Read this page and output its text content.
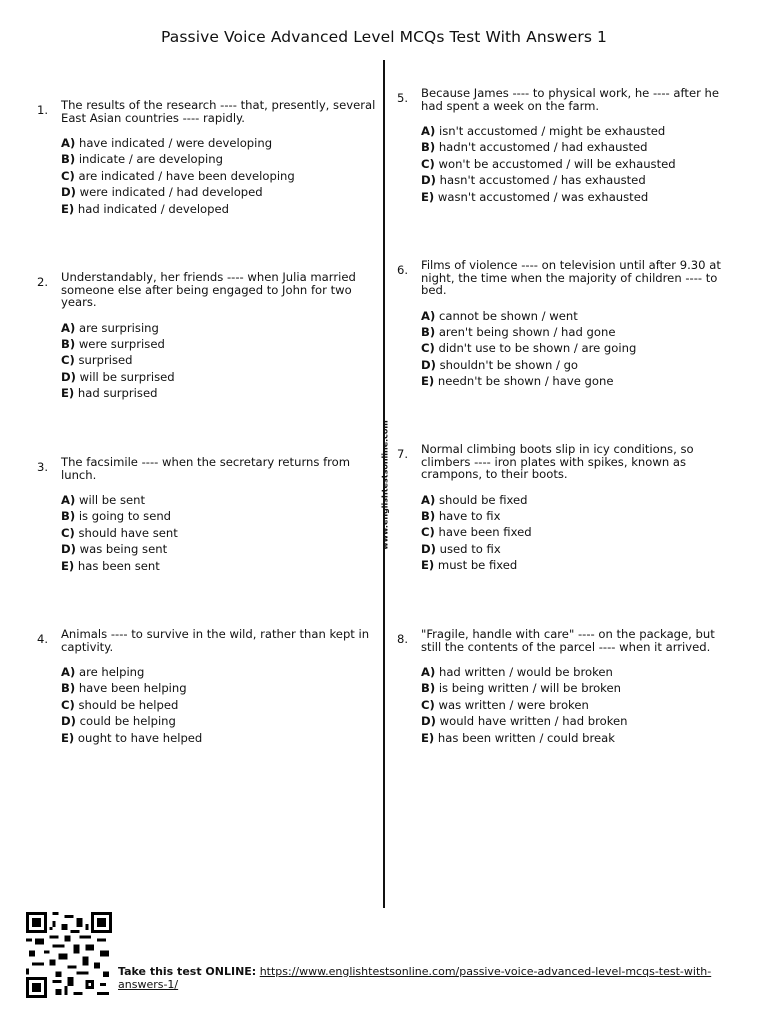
Passive Voice Advanced Level MCQs Test With Answers 1
www.englishtestsonline.com
1. The results of the research ---- that, presently, several East Asian countries ---- rapidly.
A) have indicated / were developing
B) indicate / are developing
C) are indicated / have been developing
D) were indicated / had developed
E) had indicated / developed
2. Understandably, her friends ---- when Julia married someone else after being engaged to John for two years.
A) are surprising
B) were surprised
C) surprised
D) will be surprised
E) had surprised
3. The facsimile ---- when the secretary returns from lunch.
A) will be sent
B) is going to send
C) should have sent
D) was being sent
E) has been sent
4. Animals ---- to survive in the wild, rather than kept in captivity.
A) are helping
B) have been helping
C) should be helped
D) could be helping
E) ought to have helped
5. Because James ---- to physical work, he ---- after he had spent a week on the farm.
A) isn't accustomed / might be exhausted
B) hadn't accustomed / had exhausted
C) won't be accustomed / will be exhausted
D) hasn't accustomed / has exhausted
E) wasn't accustomed / was exhausted
6. Films of violence ---- on television until after 9.30 at night, the time when the majority of children ---- to bed.
A) cannot be shown / went
B) aren't being shown / had gone
C) didn't use to be shown / are going
D) shouldn't be shown / go
E) needn't be shown / have gone
7. Normal climbing boots slip in icy conditions, so climbers ---- iron plates with spikes, known as crampons, to their boots.
A) should be fixed
B) have to fix
C) have been fixed
D) used to fix
E) must be fixed
8. "Fragile, handle with care" ---- on the package, but still the contents of the parcel ---- when it arrived.
A) had written / would be broken
B) is being written / will be broken
C) was written / were broken
D) would have written / had broken
E) has been written / could break
Take this test ONLINE: https://www.englishtestsonline.com/passive-voice-advanced-level-mcqs-test-with-answers-1/
